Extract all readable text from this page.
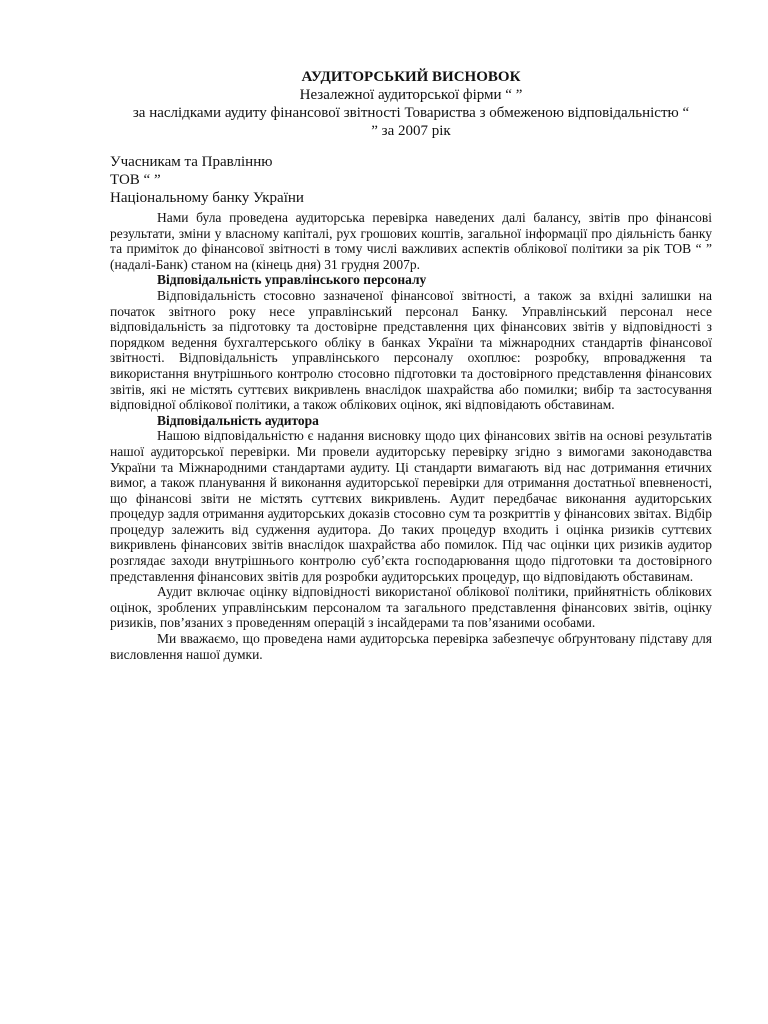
АУДИТОРСЬКИЙ ВИСНОВОК
Незалежної аудиторської фірми “ ”
за наслідками аудиту фінансової звітності Товариства з обмеженою відповідальністю “
” за 2007 рік
Учасникам та Правлінню
ТОВ “ ”
Національному банку України

Нами була проведена аудиторська перевірка наведених далі балансу, звітів про фінансові результати, зміни у власному капіталі, рух грошових коштів, загальної інформації про діяльність банку та приміток до фінансової звітності в тому числі важливих аспектів облікової політики за рік ТОВ “ ” (надалі-Банк) станом на (кінець дня) 31 грудня 2007р.

Відповідальність управлінського персоналу

Відповідальність стосовно зазначеної фінансової звітності, а також за вхідні залишки на початок звітного року несе управлінський персонал Банку. Управлінський персонал несе відповідальність за підготовку та достовірне представлення цих фінансових звітів у відповідності з порядком ведення бухгалтерського обліку в банках України та міжнародних стандартів фінансової звітності. Відповідальність управлінського персоналу охоплює: розробку, впровадження та використання внутрішнього контролю стосовно підготовки та достовірного представлення фінансових звітів, які не містять суттєвих викривлень внаслідок шахрайства або помилки; вибір та застосування відповідної облікової політики, а також облікових оцінок, які відповідають обставинам.

Відповідальність аудитора

Нашою відповідальністю є надання висновку щодо цих фінансових звітів на основі результатів нашої аудиторської перевірки. Ми провели аудиторську перевірку згідно з вимогами законодавства України та Міжнародними стандартами аудиту. Ці стандарти вимагають від нас дотримання етичних вимог, а також планування й виконання аудиторської перевірки для отримання достатньої впевненості, що фінансові звіти не містять суттєвих викривлень. Аудит передбачає виконання аудиторських процедур задля отримання аудиторських доказів стосовно сум та розкриттів у фінансових звітах. Відбір процедур залежить від судження аудитора. До таких процедур входить і оцінка ризиків суттєвих викривлень фінансових звітів внаслідок шахрайства або помилок. Під час оцінки цих ризиків аудитор розглядає заходи внутрішнього контролю суб’єкта господарювання щодо підготовки та достовірного представлення фінансових звітів для розробки аудиторських процедур, що відповідають обставинам.

Аудит включає оцінку відповідності використаної облікової політики, прийнятність облікових оцінок, зроблених управлінським персоналом та загального представлення фінансових звітів, оцінку ризиків, пов’язаних з проведенням операцій з інсайдерами та пов’язаними особами.

Ми вважаємо, що проведена нами аудиторська перевірка забезпечує обґрунтовану підставу для висловлення нашої думки.
